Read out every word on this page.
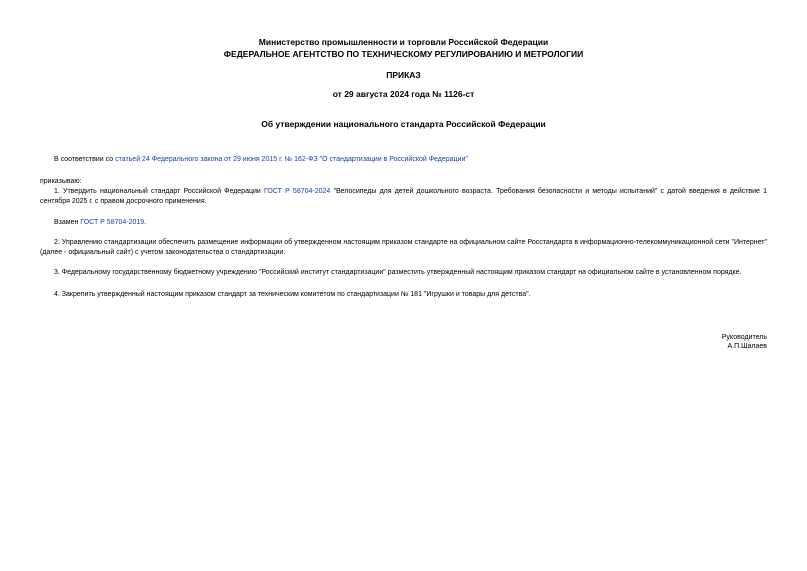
Министерство промышленности и торговли Российской Федерации
ФЕДЕРАЛЬНОЕ АГЕНТСТВО ПО ТЕХНИЧЕСКОМУ РЕГУЛИРОВАНИЮ И МЕТРОЛОГИИ
ПРИКАЗ
от 29 августа 2024 года № 1126-ст
Об утверждении национального стандарта Российской Федерации
В соответствии со статьей 24 Федерального закона от 29 июня 2015 г. № 162-ФЗ "О стандартизации в Российской Федерации"
приказываю:
1. Утвердить национальный стандарт Российской Федерации ГОСТ Р 58704-2024 "Велосипеды для детей дошкольного возраста. Требования безопасности и методы испытаний" с датой введения в действие 1 сентября 2025 г. с правом досрочного применения.
Взамен ГОСТ Р 58704-2019.
2. Управлению стандартизации обеспечить размещение информации об утвержденном настоящим приказом стандарте на официальном сайте Росстандарта в информационно-телекоммуникационной сети "Интернет" (далее - официальный сайт) с учетом законодательства о стандартизации.
3. Федеральному государственному бюджетному учреждению "Российский институт стандартизации" разместить утвержденный настоящим приказом стандарт на официальном сайте в установленном порядке.
4. Закрепить утвержденный настоящим приказом стандарт за техническим комитетом по стандартизации № 181 "Игрушки и товары для детства".
Руководитель
А.П.Шалаев
